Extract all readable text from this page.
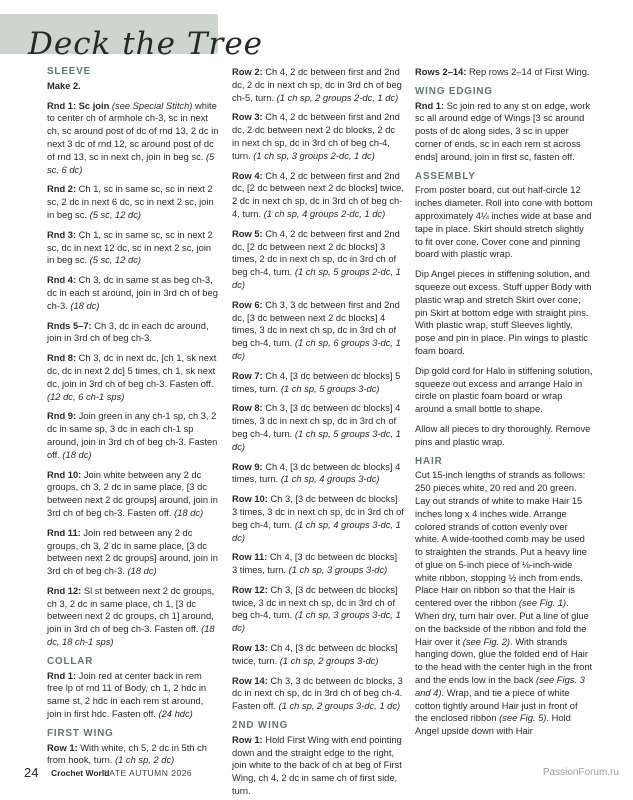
Deck the Tree
SLEEVE
Make 2.

Rnd 1: Sc join (see Special Stitch) white to center ch of armhole ch-3, sc in next ch, sc around post of dc of rnd 13, 2 dc in next 3 dc of rnd 12, sc around post of dc of rnd 13, sc in next ch, join in beg sc. (5 sc, 6 dc)

Rnd 2: Ch 1, sc in same sc, sc in next 2 sc, 2 dc in next 6 dc, sc in next 2 sc, join in beg sc. (5 sc, 12 dc)

Rnd 3: Ch 1, sc in same sc, sc in next 2 sc, dc in next 12 dc, sc in next 2 sc, join in beg sc. (5 sc, 12 dc)

Rnd 4: Ch 3, dc in same st as beg ch-3, dc in each st around, join in 3rd ch of beg ch-3. (18 dc)

Rnds 5–7: Ch 3, dc in each dc around, join in 3rd ch of beg ch-3.

Rnd 8: Ch 3, dc in next dc, [ch 1, sk next dc, dc in next 2 dc] 5 times, ch 1, sk next dc, join in 3rd ch of beg ch-3. Fasten off. (12 dc, 6 ch-1 sps)

Rnd 9: Join green in any ch-1 sp, ch 3, 2 dc in same sp, 3 dc in each ch-1 sp around, join in 3rd ch of beg ch-3. Fasten off. (18 dc)

Rnd 10: Join white between any 2 dc groups, ch 3, 2 dc in same place, [3 dc between next 2 dc groups] around, join in 3rd ch of beg ch-3. Fasten off. (18 dc)

Rnd 11: Join red between any 2 dc groups, ch 3, 2 dc in same place, [3 dc between next 2 dc groups] around, join in 3rd ch of beg ch-3. (18 dc)

Rnd 12: Sl st between next 2 dc groups, ch 3, 2 dc in same place, ch 1, [3 dc between next 2 dc groups, ch 1] around, join in 3rd ch of beg ch-3. Fasten off. (18 dc, 18 ch-1 sps)

COLLAR

Rnd 1: Join red at center back in rem free lp of rnd 11 of Body, ch 1, 2 hdc in same st, 2 hdc in each rem st around, join in first hdc. Fasten off. (24 hdc)

FIRST WING

Row 1: With white, ch 5, 2 dc in 5th ch from hook, turn. (1 ch sp, 2 dc)

Row 2: Ch 4, 2 dc between first and 2nd dc, 2 dc in next ch sp, dc in 3rd ch of beg ch-5, turn. (1 ch sp, 2 groups 2-dc, 1 dc)

Row 3: Ch 4, 2 dc between first and 2nd dc, 2 dc between next 2 dc blocks, 2 dc in next ch sp, dc in 3rd ch of beg ch-4, turn. (1 ch sp, 3 groups 2-dc, 1 dc)

Row 4: Ch 4, 2 dc between first and 2nd dc, [2 dc between next 2 dc blocks] twice, 2 dc in next ch sp, dc in 3rd ch of beg ch-4, turn. (1 ch sp, 4 groups 2-dc, 1 dc)

Row 5: Ch 4, 2 dc between first and 2nd dc, [2 dc between next 2 dc blocks] 3 times, 2 dc in next ch sp, dc in 3rd ch of beg ch-4, turn. (1 ch sp, 5 groups 2-dc, 1 dc)

Row 6: Ch 3, 3 dc between first and 2nd dc, [3 dc between next 2 dc blocks] 4 times, 3 dc in next ch sp, dc in 3rd ch of beg ch-4, turn. (1 ch sp, 6 groups 3-dc, 1 dc)

Row 7: Ch 4, [3 dc between dc blocks] 5 times, turn. (1 ch sp, 5 groups 3-dc)

Row 8: Ch 3, [3 dc between dc blocks] 4 times, 3 dc in next ch sp, dc in 3rd ch of beg ch-4, turn. (1 ch sp, 5 groups 3-dc, 1 dc)

Row 9: Ch 4, [3 dc between dc blocks] 4 times, turn. (1 ch sp, 4 groups 3-dc)

Row 10: Ch 3, [3 dc between dc blocks] 3 times, 3 dc in next ch sp, dc in 3rd ch of beg ch-4, turn. (1 ch sp, 4 groups 3-dc, 1 dc)

Row 11: Ch 4, [3 dc between dc blocks] 3 times, turn. (1 ch sp, 3 groups 3-dc)

Row 12: Ch 3, [3 dc between dc blocks] twice, 3 dc in next ch sp, dc in 3rd ch of beg ch-4, turn. (1 ch sp, 3 groups 3-dc, 1 dc)

Row 13: Ch 4, [3 dc between dc blocks] twice, turn. (1 ch sp, 2 groups 3-dc)

Row 14: Ch 3, 3 dc between dc blocks, 3 dc in next ch sp, dc in 3rd ch of beg ch-4. Fasten off. (1 ch sp, 2 groups 3-dc, 1 dc)

2ND WING

Row 1: Hold First Wing with end pointing down and the straight edge to the right, join white to the back of ch at beg of First Wing, ch 4, 2 dc in same ch of first side, turn.

Rows 2–14: Rep rows 2–14 of First Wing.

WING EDGING

Rnd 1: Sc join red to any st on edge, work sc all around edge of Wings [3 sc around posts of dc along sides, 3 sc in upper corner of ends, sc in each rem st across ends] around, join in first sc, fasten off.

ASSEMBLY

From poster board, cut out half-circle 12 inches diameter. Roll into cone with bottom approximately 4¼ inches wide at base and tape in place. Skirt should stretch slightly to fit over cone. Cover cone and pinning board with plastic wrap.

Dip Angel pieces in stiffening solution, and squeeze out excess. Stuff upper Body with plastic wrap and stretch Skirt over cone, pin Skirt at bottom edge with straight pins. With plastic wrap, stuff Sleeves lightly, pose and pin in place. Pin wings to plastic foam board.

Dip gold cord for Halo in stiffening solution, squeeze out excess and arrange Halo in circle on plastic foam board or wrap around a small bottle to shape.

Allow all pieces to dry thoroughly. Remove pins and plastic wrap.

HAIR

Cut 15-inch lengths of strands as follows: 250 pieces white, 20 red and 20 green. Lay out strands of white to make Hair 15 inches long x 4 inches wide. Arrange colored strands of cotton evenly over white. A wide-toothed comb may be used to straighten the strands. Put a heavy line of glue on 5-inch piece of ⅛-inch-wide white ribbon, stopping ½ inch from ends. Place Hair on ribbon so that the Hair is centered over the ribbon (see Fig. 1). When dry, turn hair over. Put a line of glue on the backside of the ribbon and fold the Hair over it (see Fig. 2). With strands hanging down, glue the folded end of Hair to the head with the center high in the front and the ends low in the back (see Figs. 3 and 4). Wrap, and tie a piece of white cotton tightly around Hair just in front of the enclosed ribbon (see Fig. 5). Hold Angel upside down with Hair

24 Crochet World
LATE AUTUMN 2026	PassionForum.ru
